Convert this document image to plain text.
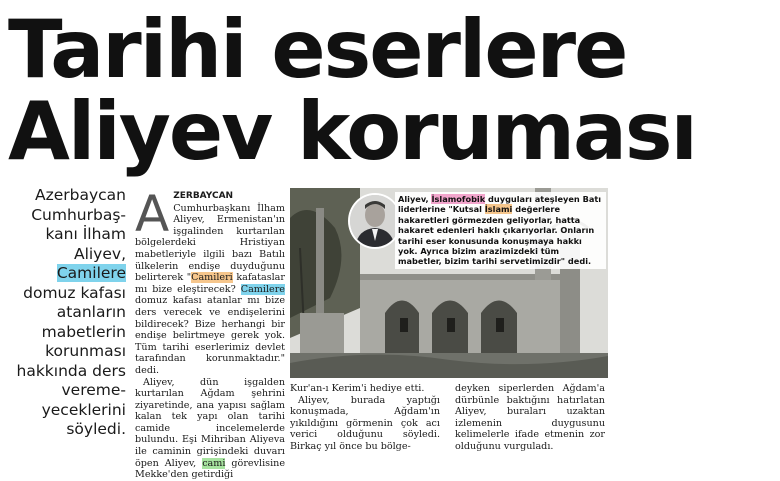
Tarihi eserlere
Aliyev koruması

Azerbaycan Cumhurbaş-kanı İlham Aliyev, Camilere domuz kafası atanların mabetlerin korunması hakkında ders vereme-yeceklerini söyledi.

A ZERBAYCAN Cumhurbaşkanı İlham Aliyev, Ermenistan'ın işgalinden kurtarılan bölgelerdeki Hristiyan mabetleriyle ilgili bazı Batılı ülkelerin endişe duyduğunu belirterek "Camileri kafataslar mı bize eleştirecek? Camilere domuz kafası atanlar mı bize ders verecek ve endişelerini bildirecek? Bize herhangi bir endişe belirtmeye gerek yok. Tüm tarihi eserlerimiz devlet tarafından korunmaktadır." dedi.

Aliyev, dün işgalden kurtarılan Ağdam şehrini ziyaretinde, ana yapısı sağlam kalan tek yapı olan tarihi camide incelemelerde bulundu. Eşi Mihriban Aliyeva ile caminin girişindeki duvarı öpen Aliyev, cami görevlisine Mekke'den getirdiği

Aliyev, İslamofobik duyguları ateşleyen Batı liderlerine "Kutsal İslami değerlere hakaretleri görmezden geliyorlar, hatta hakaret edenleri haklı çıkarıyorlar. Onların tarihi eser konusunda konuşmaya hakkı yok. Ayrıca bizim arazimizdeki tüm mabetler, bizim tarihi servetimizdir" dedi.

Kur'an-ı Kerim'i hediye etti.

Aliyev, burada yaptığı konuşmada, Ağdam'ın yıkıldığını görmenin çok acı verici olduğunu söyledi. Birkaç yıl önce bu bölge-

deyken siperlerden Ağdam'a dürbünle baktığını hatırlatan Aliyev, buraları uzaktan izlemenin duygusunu kelimelerle ifade etmenin zor olduğunu vurguladı.
